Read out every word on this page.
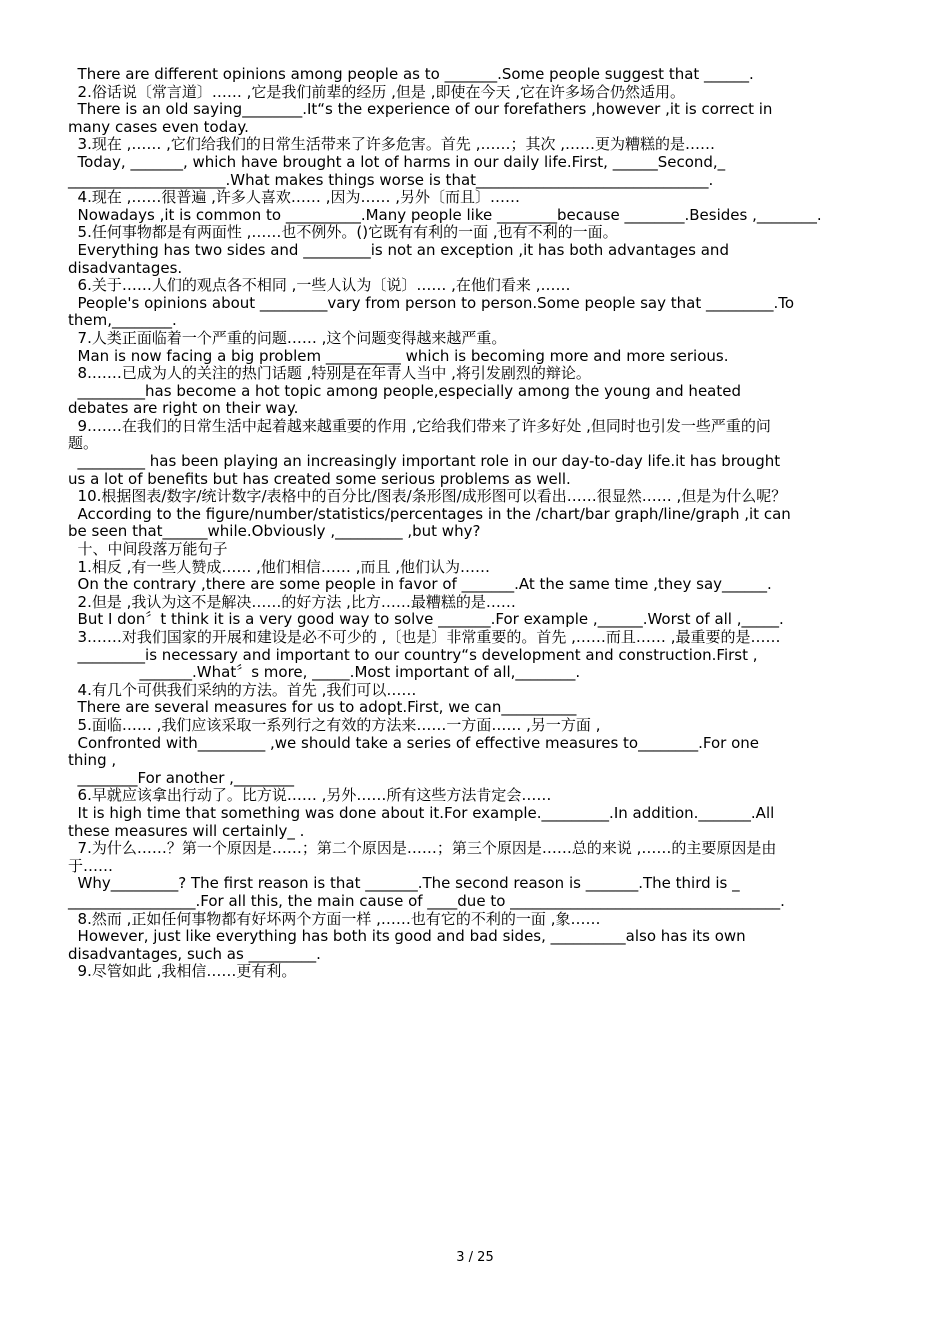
There are different opinions among people as to _______.Some people suggest that ______.

2.俗话说〔常言道〕…… ,它是我们前辈的经历 ,但是 ,即使在今天 ,它在许多场合仍然适用。

There is an old saying________.It“s the experience of our forefathers ,however ,it is correct in

many cases even today.

3.现在 ,…… ,它们给我们的日常生活带来了许多危害。首先 ,……；其次 ,……更为糟糕的是……

Today, _______, which have brought a lot of harms in our daily life.First, ______Second,_

_____________________.What makes things worse is that_______________________________.

4.现在 ,……很普遍 ,许多人喜欢…… ,因为…… ,另外〔而且〕……

Nowadays ,it is common to __________.Many people like ________because ________.Besides ,________.

5.任何事物都是有两面性 ,……也不例外。()它既有有利的一面 ,也有不利的一面。

Everything has two sides and _________is not an exception ,it has both advantages and

disadvantages.

6.关于……人们的观点各不相同 ,一些人认为〔说〕…… ,在他们看来 ,……

People's opinions about _________vary from person to person.Some people say that _________.To

them,________.

7.人类正面临着一个严重的问题…… ,这个问题变得越来越严重。

Man is now facing a big problem __________ which is becoming more and more serious.

8.……已成为人的关注的热门话题 ,特别是在年青人当中 ,将引发剧烈的辩论。

_________has become a hot topic among people,especially among the young and heated

debates are right on their way.

9.……在我们的日常生活中起着越来越重要的作用 ,它给我们带来了许多好处 ,但同时也引发一些严重的问

题。

_________ has been playing an increasingly important role in our day-to-day life.it has brought

us a lot of benefits but has created some serious problems as well.

10.根据图表/数字/统计数字/表格中的百分比/图表/条形图/成形图可以看出……很显然…… ,但是为什么呢？

According to the figure/number/statistics/percentages in the /chart/bar graph/line/graph ,it can

be seen that______while.Obviously ,_________ ,but why?

十、中间段落万能句子

1.相反 ,有一些人赞成…… ,他们相信…… ,而且 ,他们认为……

On the contrary ,there are some people in favor of _______.At the same time ,they say______.

2.但是 ,我认为这不是解决……的好方法 ,比方……最糟糕的是……

But I don〞t think it is a very good way to solve _______.For example ,______.Worst of all ,_____.

3.……对我们国家的开展和建设是必不可少的 ,〔也是〕非常重要的。首先 ,……而且…… ,最重要的是……

_________is necessary and important to our country“s development and construction.First ,

_______.What〞s more, _____.Most important of all,________.

4.有几个可供我们采纳的方法。首先 ,我们可以……

There are several measures for us to adopt.First, we can__________

5.面临…… ,我们应该采取一系列行之有效的方法来……一方面…… ,另一方面 ,

Confronted with_________ ,we should take a series of effective measures to________.For one

thing ,

________For another ,________

6.早就应该拿出行动了。比方说…… ,另外……所有这些方法肯定会……

It is high time that something was done about it.For example._________.In addition._______.All

these measures will certainly_ .

7.为什么……？第一个原因是……；第二个原因是……；第三个原因是……总的来说 ,……的主要原因是由

于……

Why_________? The first reason is that _______.The second reason is _______.The third is _

_________________.For all this, the main cause of ____due to ____________________________________.

8.然而 ,正如任何事物都有好坏两个方面一样 ,……也有它的不利的一面 ,象……

However, just like everything has both its good and bad sides, __________also has its own

disadvantages, such as _________.

9.尽管如此 ,我相信……更有利。

3 / 25
